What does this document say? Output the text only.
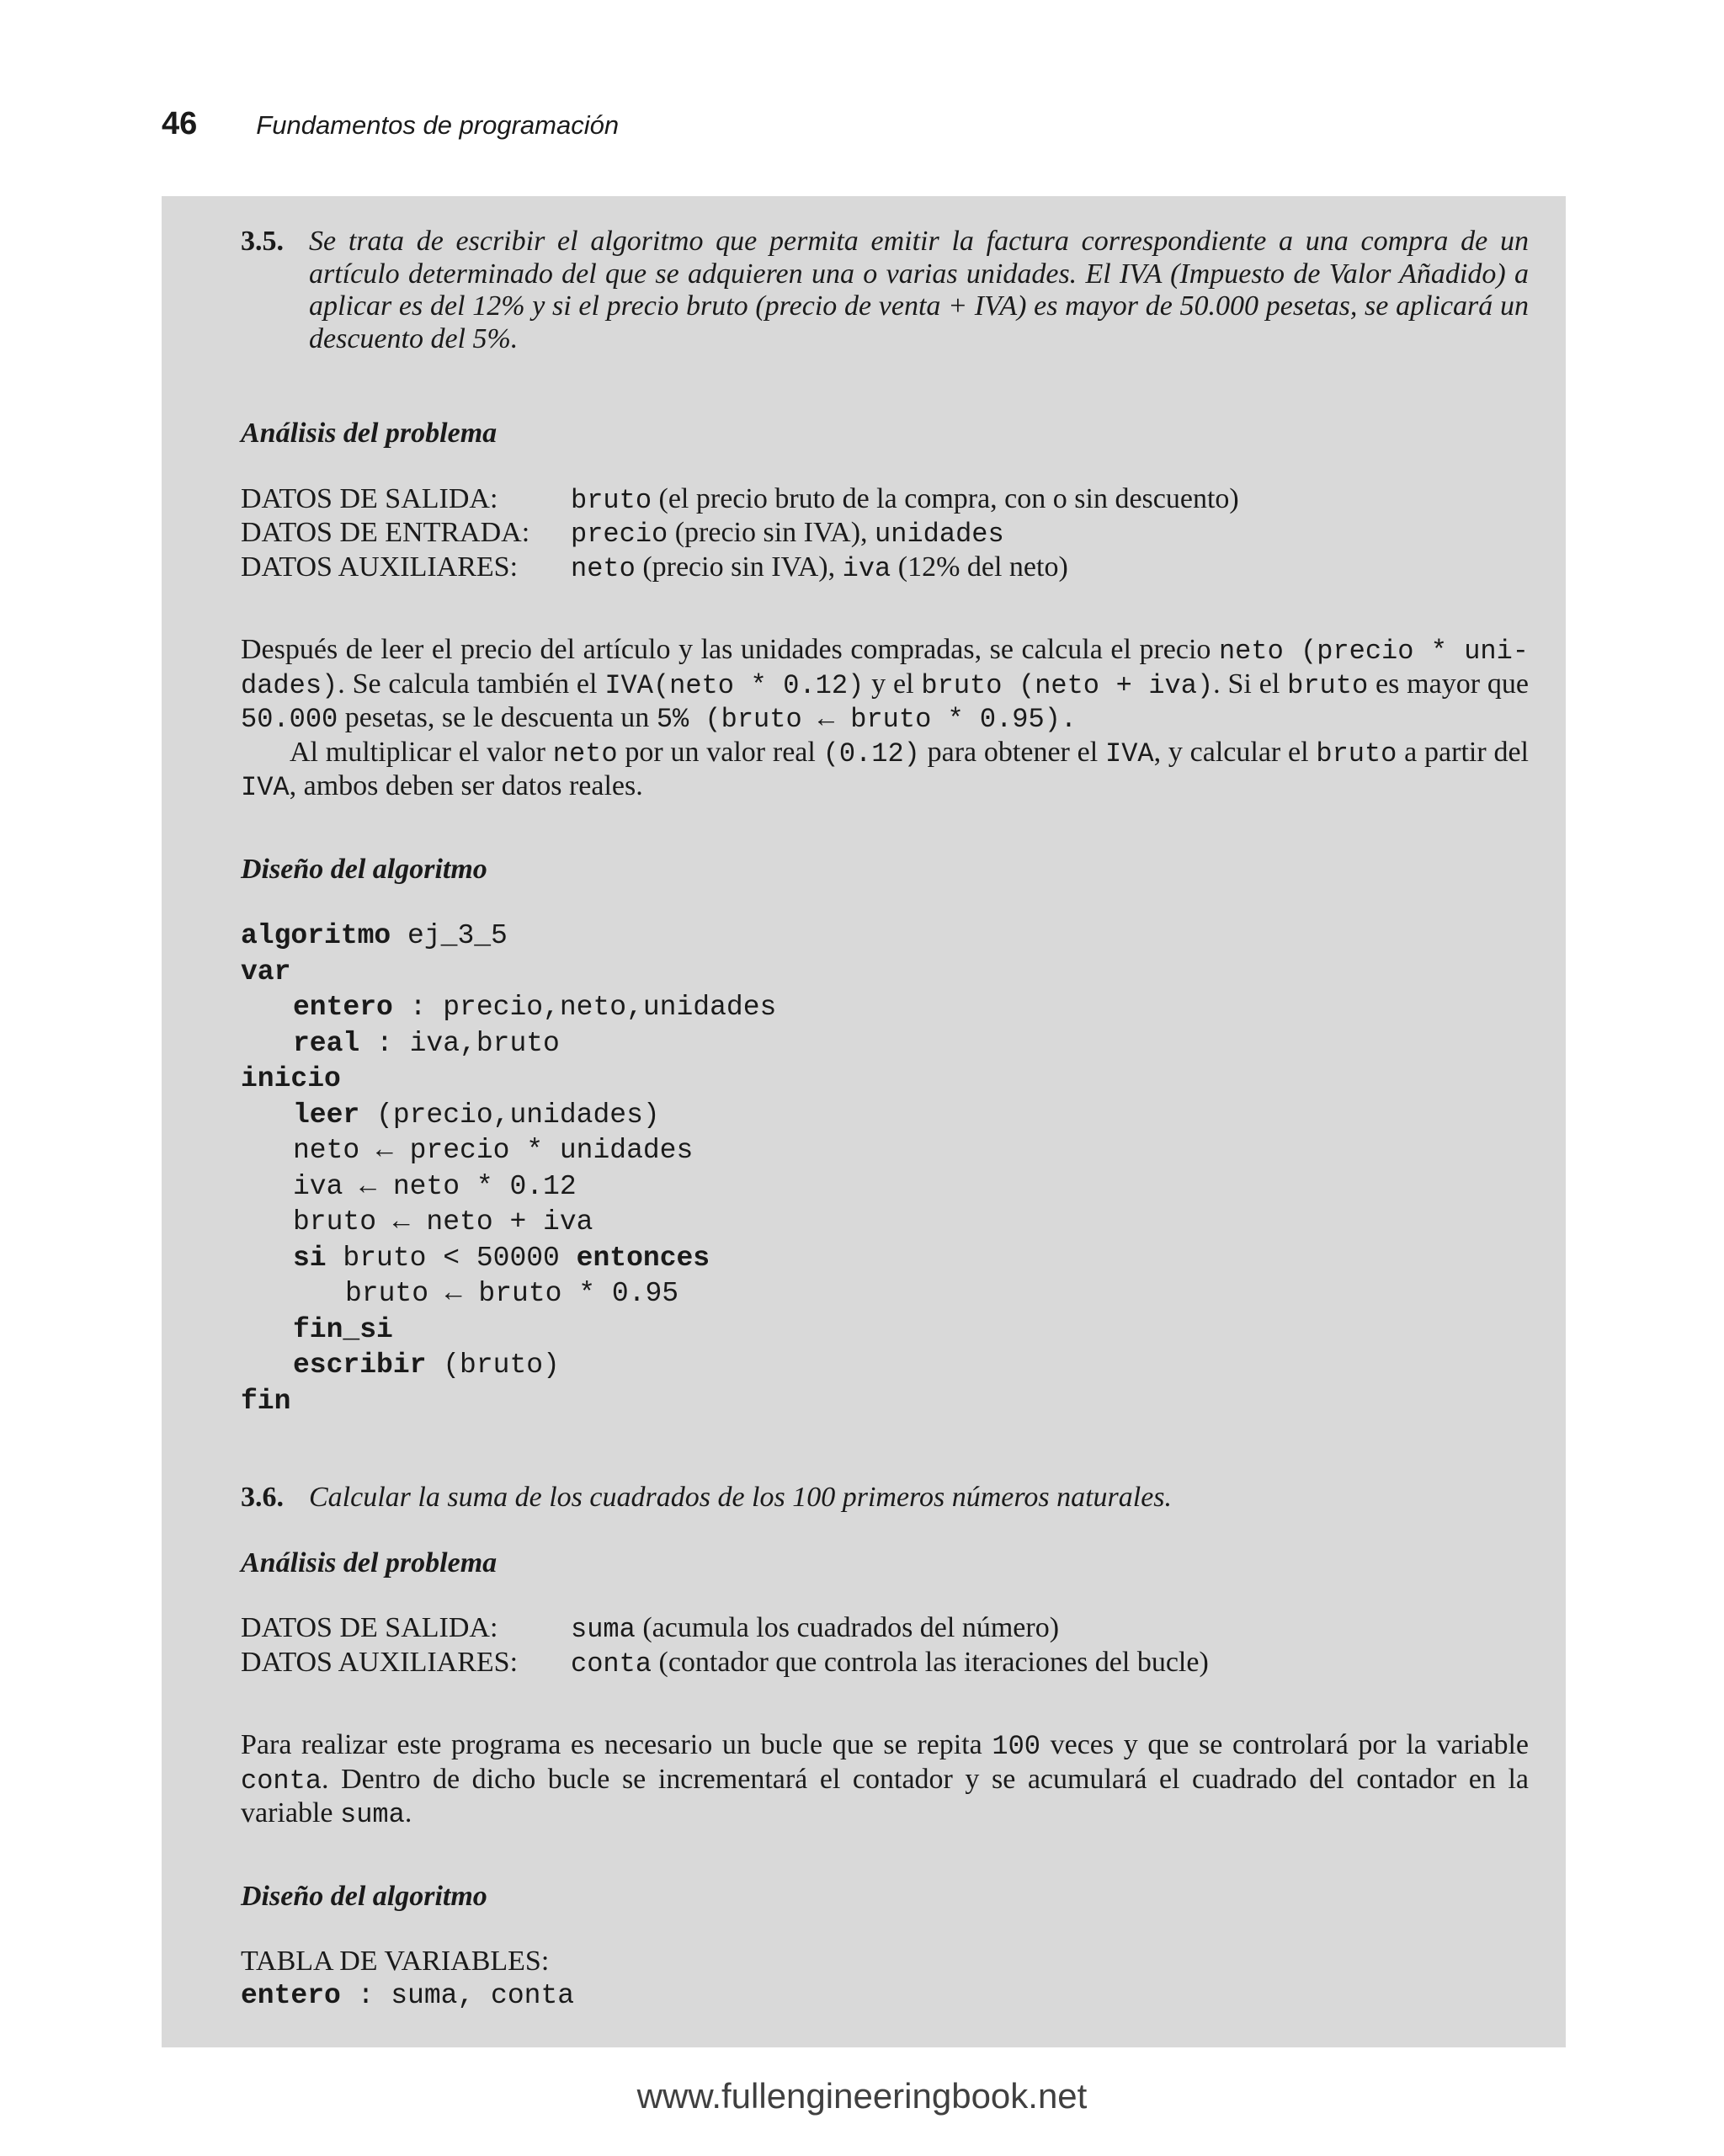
46 Fundamentos de programación
3.5. Se trata de escribir el algoritmo que permita emitir la factura correspondiente a una compra de un artículo determinado del que se adquieren una o varias unidades. El IVA (Impuesto de Valor Añadido) a aplicar es del 12% y si el precio bruto (precio de venta + IVA) es mayor de 50.000 pesetas, se aplicará un descuento del 5%.
Análisis del problema
DATOS DE SALIDA:	bruto (el precio bruto de la compra, con o sin descuento)
DATOS DE ENTRADA:	precio (precio sin IVA), unidades
DATOS AUXILIARES:	neto (precio sin IVA), iva (12% del neto)

Después de leer el precio del artículo y las unidades compradas, se calcula el precio neto (precio * uni-dades). Se calcula también el IVA(neto * 0.12) y el bruto (neto + iva). Si el bruto es mayor que 50.000 pesetas, se le descuenta un 5% (bruto ← bruto * 0.95).

Al multiplicar el valor neto por un valor real (0.12) para obtener el IVA, y calcular el bruto a partir del IVA, ambos deben ser datos reales.

Diseño del algoritmo
algoritmo ej_3_5
var
entero : precio,neto,unidades
real : iva,bruto
inicio
leer (precio,unidades)
neto ← precio * unidades
iva ← neto * 0.12
bruto ← neto + iva
si bruto < 50000 entonces
bruto ← bruto * 0.95
fin_si
escribir (bruto)
fin
3.6. Calcular la suma de los cuadrados de los 100 primeros números naturales.
Análisis del problema
DATOS DE SALIDA:	suma (acumula los cuadrados del número)
DATOS AUXILIARES:	conta (contador que controla las iteraciones del bucle)

Para realizar este programa es necesario un bucle que se repita 100 veces y que se controlará por la variable conta. Dentro de dicho bucle se incrementará el contador y se acumulará el cuadrado del contador en la variable suma.

Diseño del algoritmo
TABLA DE VARIABLES:
entero : suma, conta
www.fullengineeringbook.net
